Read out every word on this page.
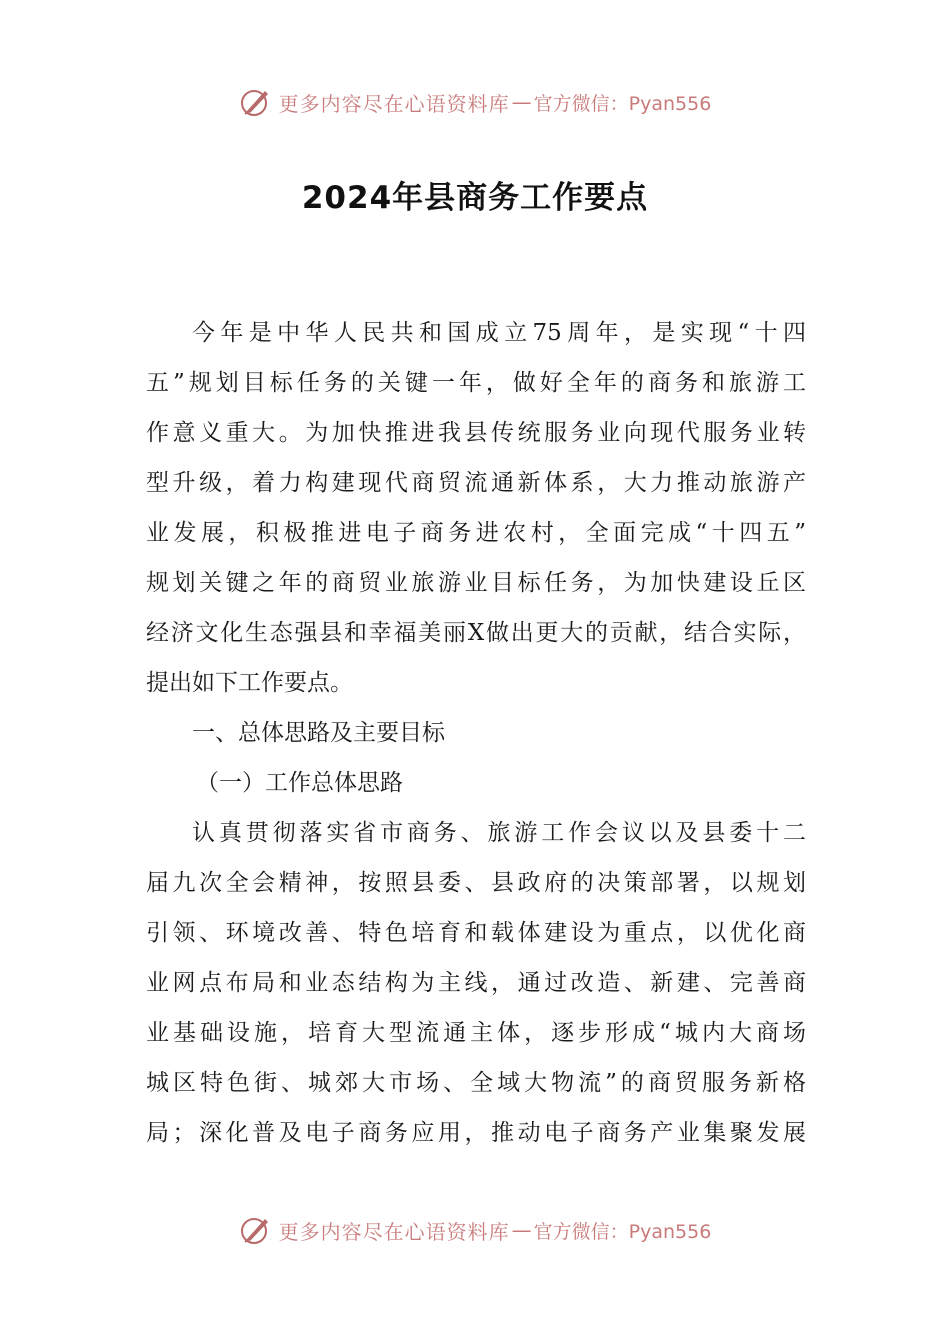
更多内容尽在心语资料库 — 官方微信：Pyan556
2024年县商务工作要点
今年是中华人民共和国成立75周年，是实现“十四
五”规划目标任务的关键一年，做好全年的商务和旅游工
作意义重大。为加快推进我县传统服务业向现代服务业转
型升级，着力构建现代商贸流通新体系，大力推动旅游产
业发展，积极推进电子商务进农村，全面完成“十四五”
规划关键之年的商贸业旅游业目标任务，为加快建设丘区
经济文化生态强县和幸福美丽X做出更大的贡献，结合实际，
提出如下工作要点。
一、总体思路及主要目标
（一）工作总体思路
认真贯彻落实省市商务、旅游工作会议以及县委十二
届九次全会精神，按照县委、县政府的决策部署，以规划
引领、环境改善、特色培育和载体建设为重点，以优化商
业网点布局和业态结构为主线，通过改造、新建、完善商
业基础设施，培育大型流通主体，逐步形成“城内大商场
城区特色街、城郊大市场、全域大物流”的商贸服务新格
局；深化普及电子商务应用，推动电子商务产业集聚发展
更多内容尽在心语资料库 — 官方微信：Pyan556
